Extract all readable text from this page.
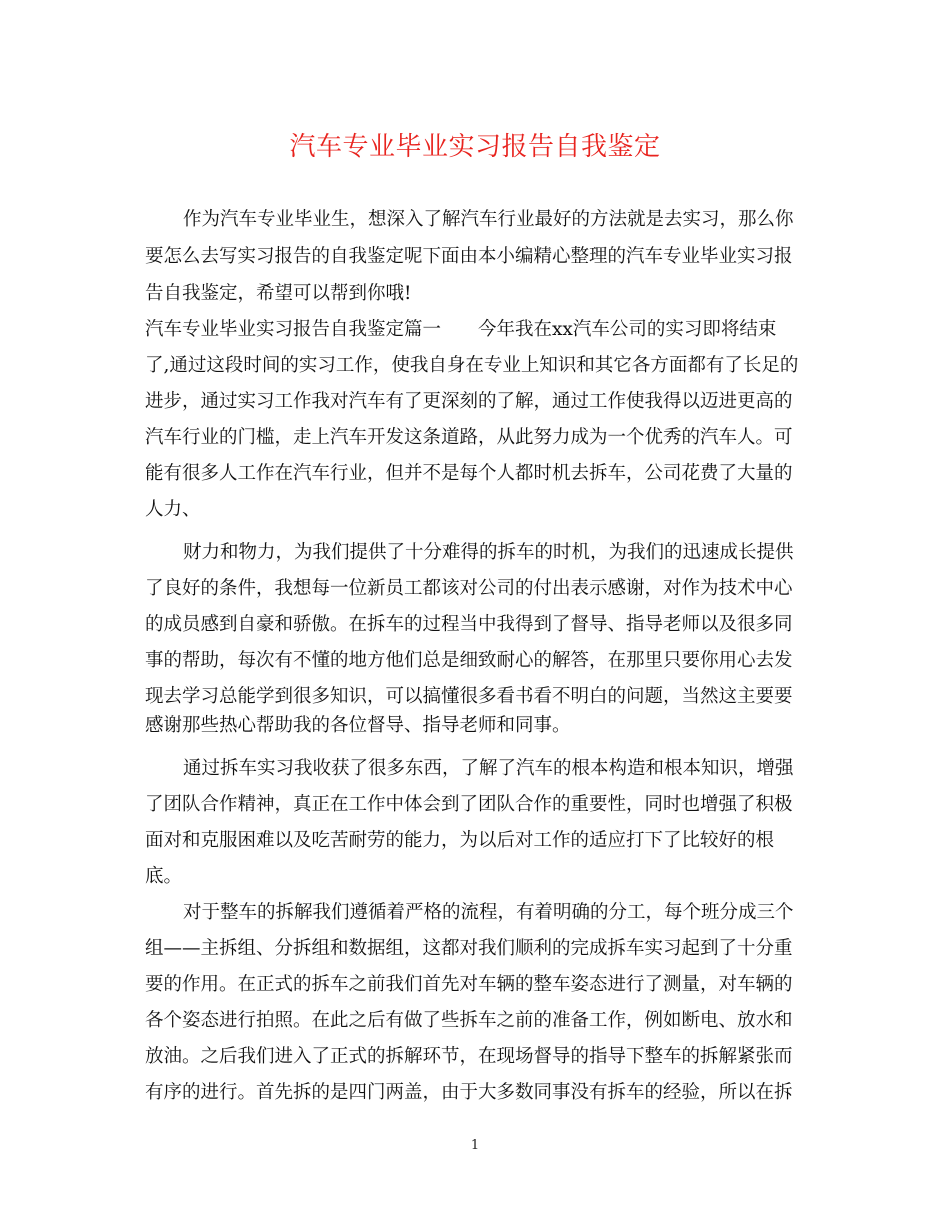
汽车专业毕业实习报告自我鉴定
作为汽车专业毕业生，想深入了解汽车行业最好的方法就是去实习，那么你
要怎么去写实习报告的自我鉴定呢下面由本小编精心整理的汽车专业毕业实习报
告自我鉴定，希望可以帮到你哦!
汽车专业毕业实习报告自我鉴定篇一　　今年我在xx汽车公司的实习即将结束
了,通过这段时间的实习工作，使我自身在专业上知识和其它各方面都有了长足的
进步，通过实习工作我对汽车有了更深刻的了解，通过工作使我得以迈进更高的
汽车行业的门槛，走上汽车开发这条道路，从此努力成为一个优秀的汽车人。可
能有很多人工作在汽车行业，但并不是每个人都时机去拆车，公司花费了大量的
人力、
财力和物力，为我们提供了十分难得的拆车的时机，为我们的迅速成长提供
了良好的条件，我想每一位新员工都该对公司的付出表示感谢，对作为技术中心
的成员感到自豪和骄傲。在拆车的过程当中我得到了督导、指导老师以及很多同
事的帮助，每次有不懂的地方他们总是细致耐心的解答，在那里只要你用心去发
现去学习总能学到很多知识，可以搞懂很多看书看不明白的问题，当然这主要要
感谢那些热心帮助我的各位督导、指导老师和同事。
通过拆车实习我收获了很多东西，了解了汽车的根本构造和根本知识，增强
了团队合作精神，真正在工作中体会到了团队合作的重要性，同时也增强了积极
面对和克服困难以及吃苦耐劳的能力，为以后对工作的适应打下了比较好的根
底。
对于整车的拆解我们遵循着严格的流程，有着明确的分工，每个班分成三个
组——主拆组、分拆组和数据组，这都对我们顺利的完成拆车实习起到了十分重
要的作用。在正式的拆车之前我们首先对车辆的整车姿态进行了测量，对车辆的
各个姿态进行拍照。在此之后有做了些拆车之前的准备工作，例如断电、放水和
放油。之后我们进入了正式的拆解环节，在现场督导的指导下整车的拆解紧张而
有序的进行。首先拆的是四门两盖，由于大多数同事没有拆车的经验，所以在拆
1
